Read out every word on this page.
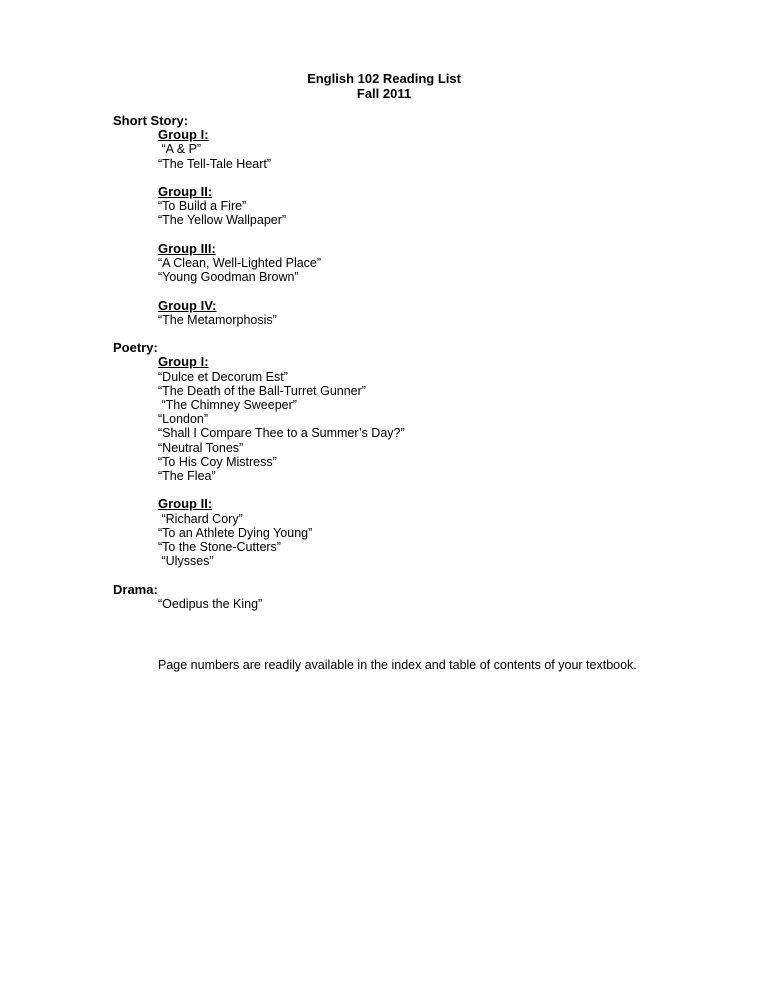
English 102 Reading List
Fall 2011
Short Story:
Group I:
“A & P”
“The Tell-Tale Heart”
Group II:
“To Build a Fire”
“The Yellow Wallpaper”
Group III:
“A Clean, Well-Lighted Place”
“Young Goodman Brown”
Group IV:
“The Metamorphosis”
Poetry:
Group I:
“Dulce et Decorum Est”
“The Death of the Ball-Turret Gunner”
“The Chimney Sweeper”
“London”
“Shall I Compare Thee to a Summer’s Day?”
“Neutral Tones”
“To His Coy Mistress”
“The Flea”
Group II:
“Richard Cory”
“To an Athlete Dying Young”
“To the Stone-Cutters”
“Ulysses”
Drama:
“Oedipus the King”
Page numbers are readily available in the index and table of contents of your textbook.
